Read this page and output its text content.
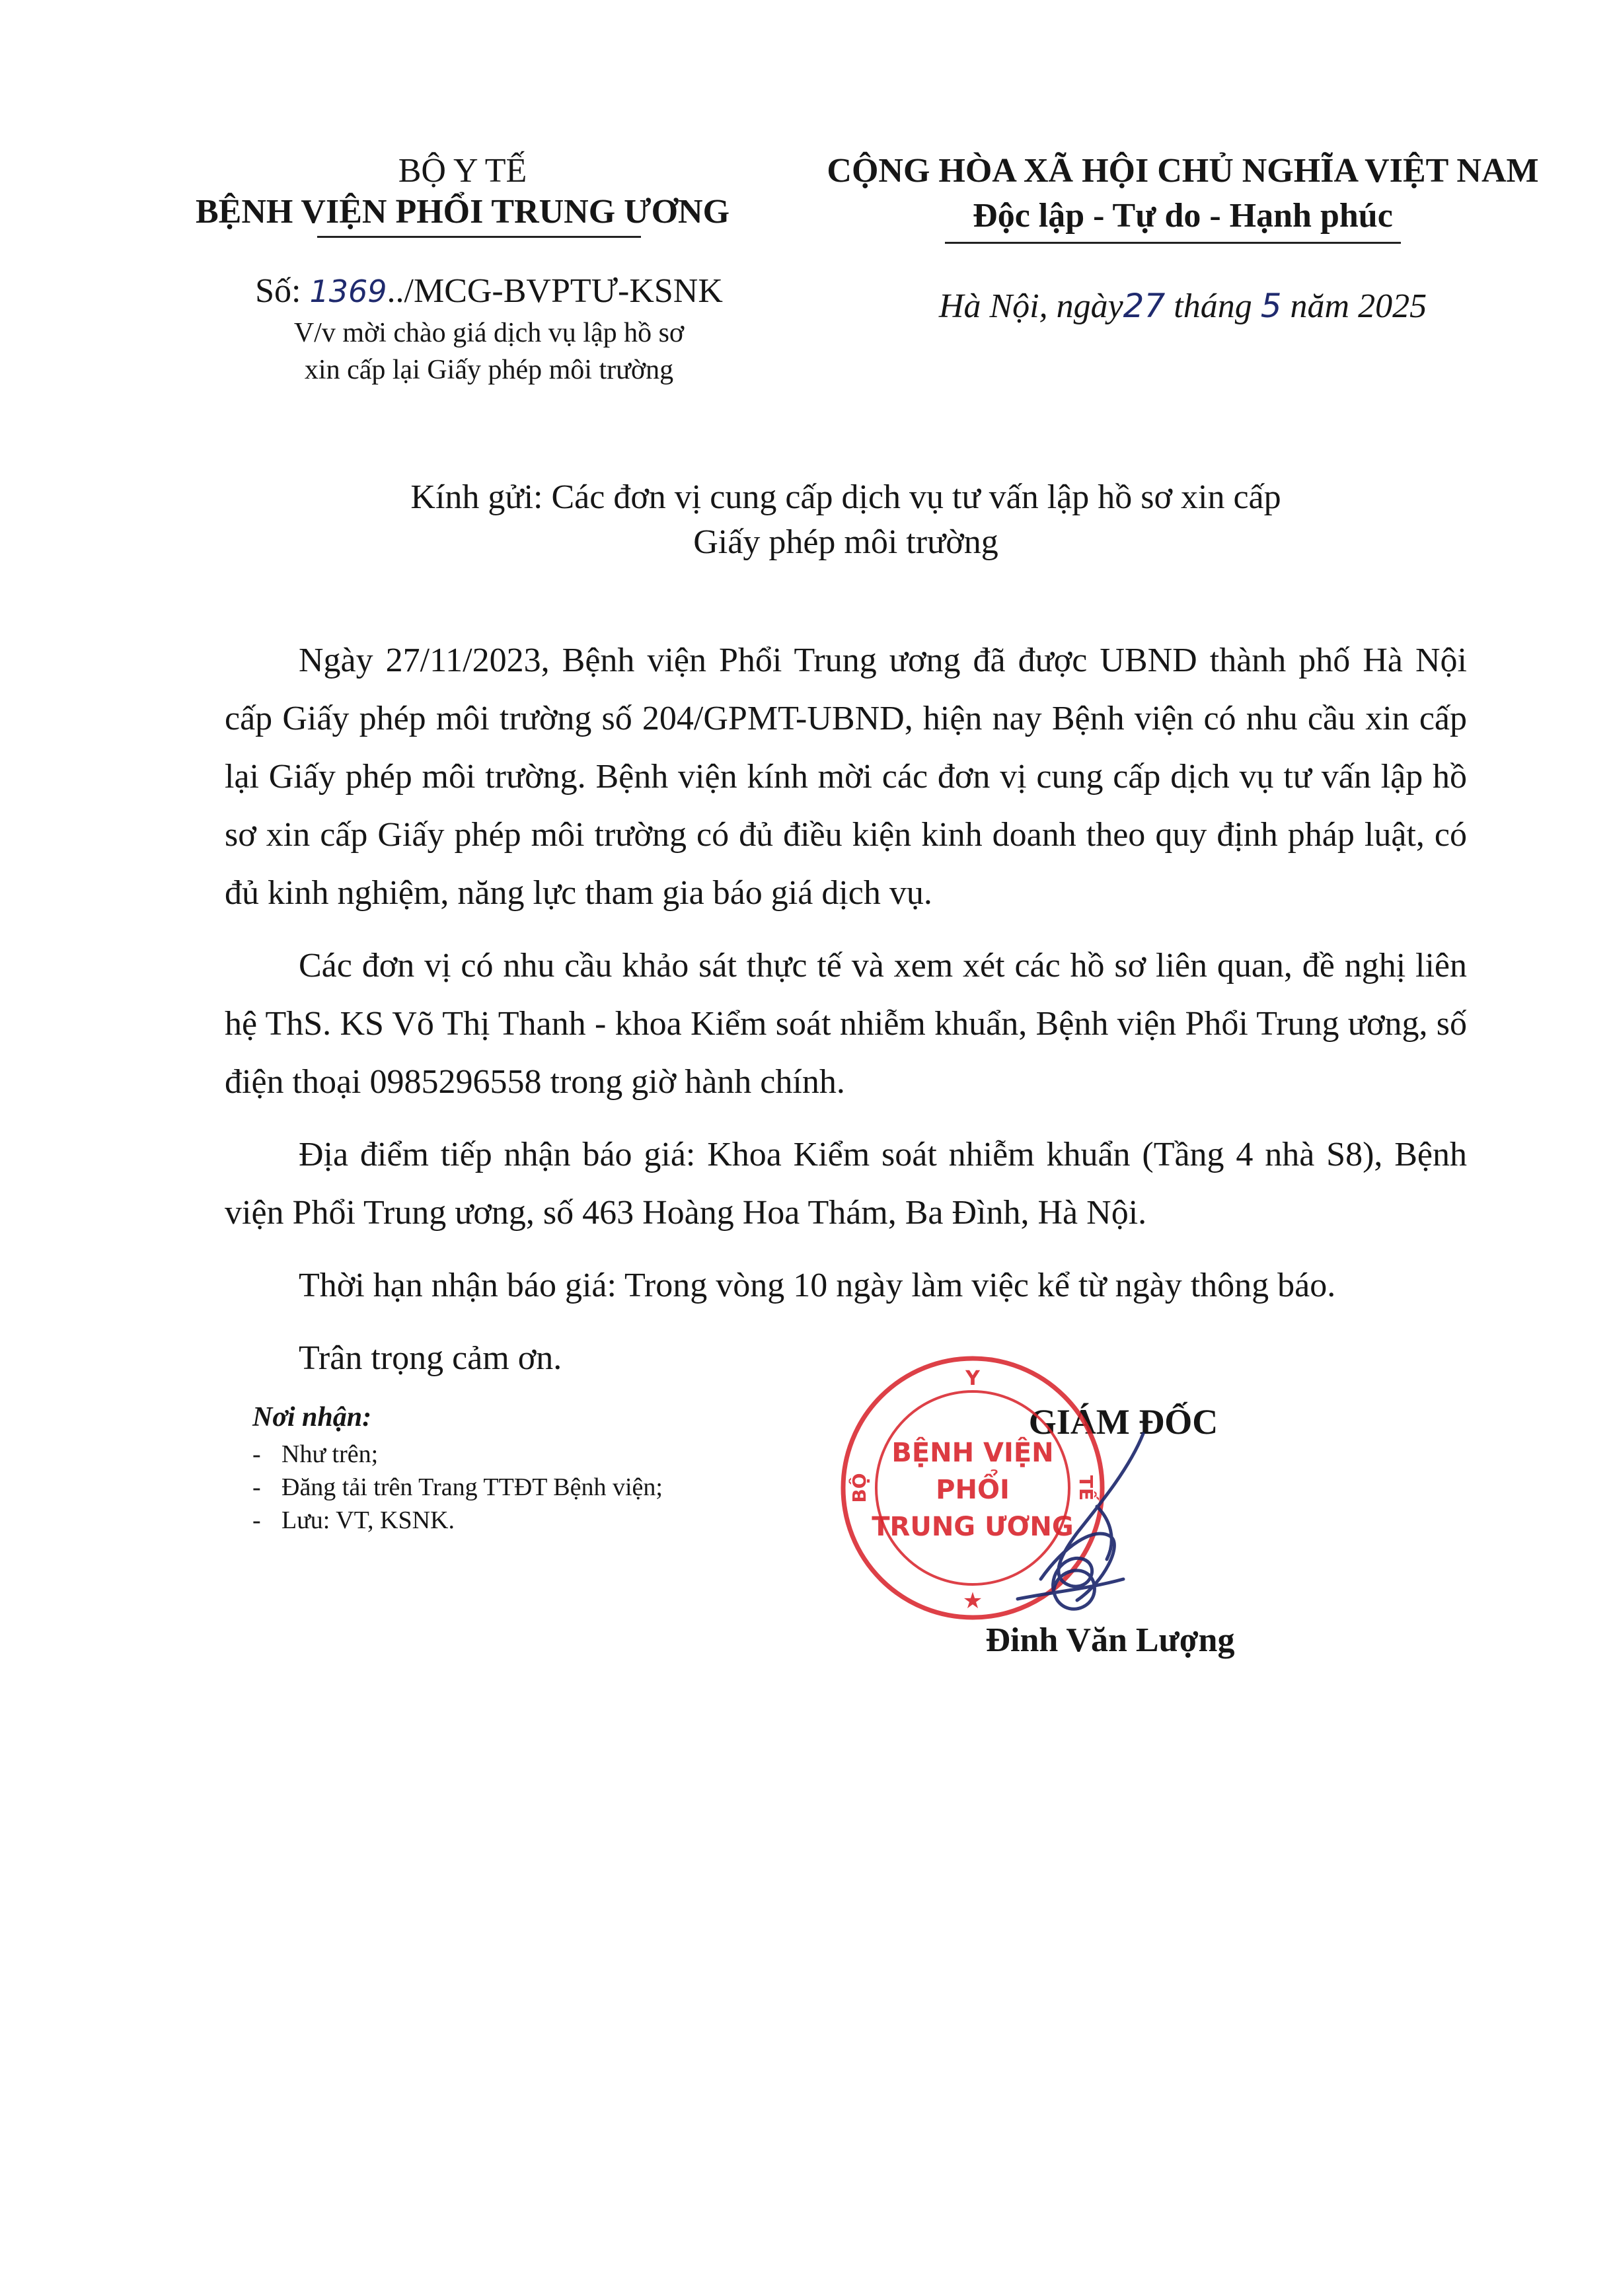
BỘ Y TẾ
BỆNH VIỆN PHỔI TRUNG ƯƠNG
Số: 1369../MCG-BVPTƯ-KSNK
V/v mời chào giá dịch vụ lập hồ sơ
xin cấp lại Giấy phép môi trường
CỘNG HÒA XÃ HỘI CHỦ NGHĨA VIỆT NAM
Độc lập - Tự do - Hạnh phúc
Hà Nội, ngày27 tháng 5 năm 2025
Kính gửi: Các đơn vị cung cấp dịch vụ tư vấn lập hồ sơ xin cấp
Giấy phép môi trường

Ngày 27/11/2023, Bệnh viện Phổi Trung ương đã được UBND thành phố Hà Nội cấp Giấy phép môi trường số 204/GPMT-UBND, hiện nay Bệnh viện có nhu cầu xin cấp lại Giấy phép môi trường. Bệnh viện kính mời các đơn vị cung cấp dịch vụ tư vấn lập hồ sơ xin cấp Giấy phép môi trường có đủ điều kiện kinh doanh theo quy định pháp luật, có đủ kinh nghiệm, năng lực tham gia báo giá dịch vụ.

Các đơn vị có nhu cầu khảo sát thực tế và xem xét các hồ sơ liên quan, đề nghị liên hệ ThS. KS Võ Thị Thanh - khoa Kiểm soát nhiễm khuẩn, Bệnh viện Phổi Trung ương, số điện thoại 0985296558 trong giờ hành chính.

Địa điểm tiếp nhận báo giá: Khoa Kiểm soát nhiễm khuẩn (Tầng 4 nhà S8), Bệnh viện Phổi Trung ương, số 463 Hoàng Hoa Thám, Ba Đình, Hà Nội.

Thời hạn nhận báo giá: Trong vòng 10 ngày làm việc kể từ ngày thông báo.

Trân trọng cảm ơn.

Nơi nhận:
- Như trên;
- Đăng tải trên Trang TTĐT Bệnh viện;
- Lưu: VT, KSNK.
GIÁM ĐỐC
Y
BỘ	TẾ
BỆNH VIỆN
PHỔI
TRUNG ƯƠNG
★
Đinh Văn Lượng
